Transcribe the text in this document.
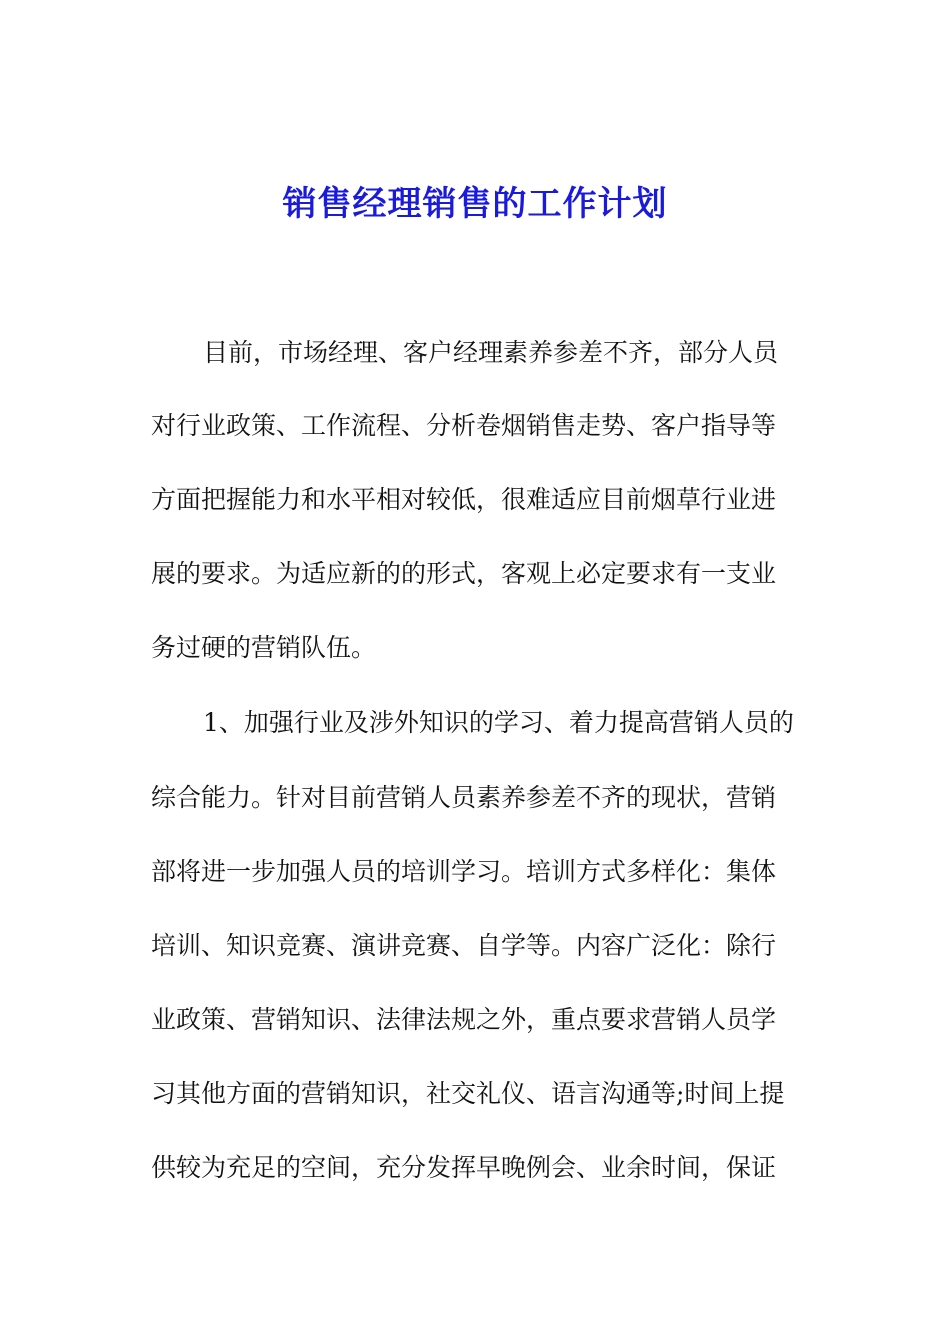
销售经理销售的工作计划
目前，市场经理、客户经理素养参差不齐，部分人员
对行业政策、工作流程、分析卷烟销售走势、客户指导等
方面把握能力和水平相对较低，很难适应目前烟草行业进
展的要求。为适应新的的形式，客观上必定要求有一支业
务过硬的营销队伍。
1、加强行业及涉外知识的学习、着力提高营销人员的
综合能力。针对目前营销人员素养参差不齐的现状，营销
部将进一步加强人员的培训学习。培训方式多样化：集体
培训、知识竞赛、演讲竞赛、自学等。内容广泛化：除行
业政策、营销知识、法律法规之外，重点要求营销人员学
习其他方面的营销知识，社交礼仪、语言沟通等;时间上提
供较为充足的空间，充分发挥早晚例会、业余时间，保证
